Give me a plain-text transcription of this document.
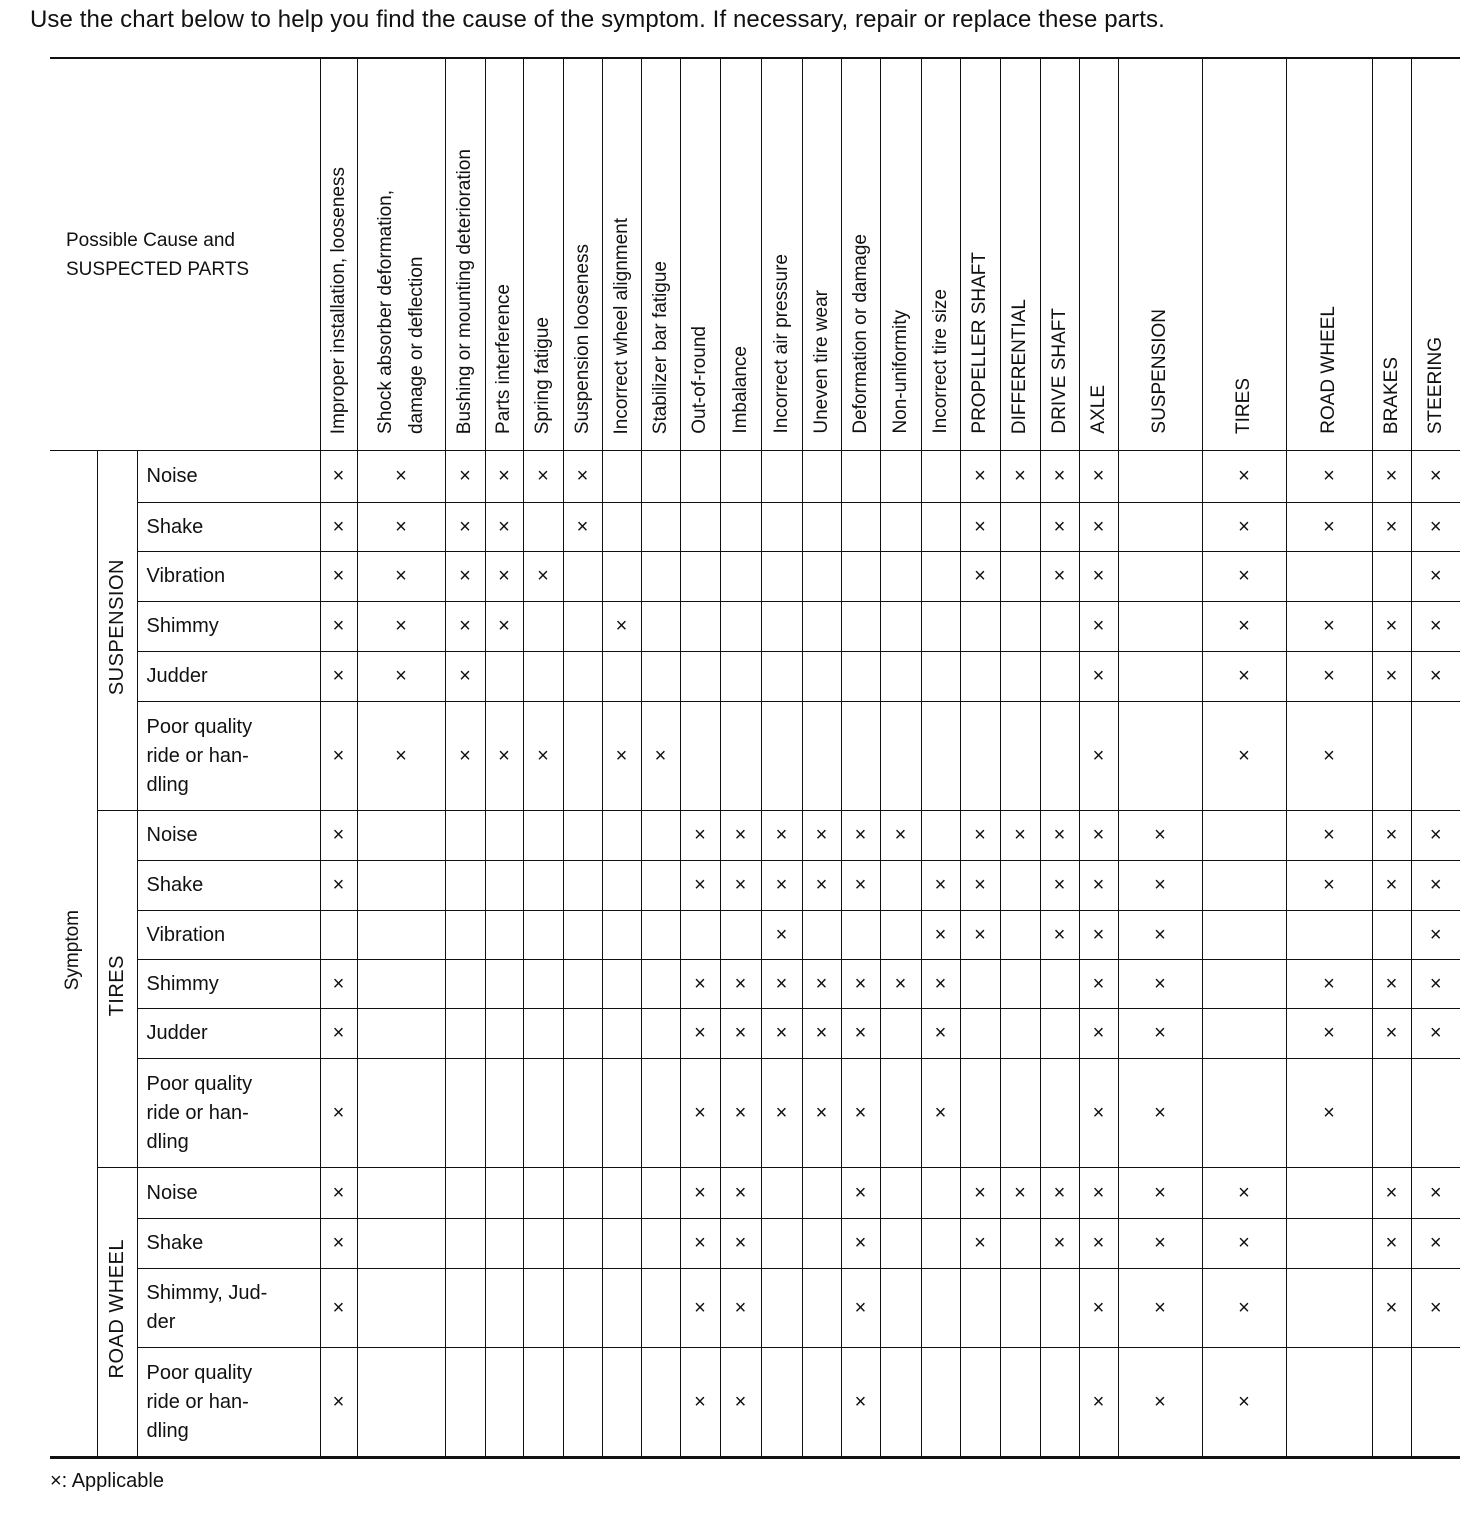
Use the chart below to help you find the cause of the symptom. If necessary, repair or replace these parts.
Possible Cause and
SUSPECTED PARTS			Improper installation, looseness	Shock absorber deformation, damage or deflection	Bushing or mounting deterioration	Parts interference	Spring fatigue	Suspension looseness	Incorrect wheel alignment	Stabilizer bar fatigue	Out-of-round	Imbalance	Incorrect air pressure	Uneven tire wear	Deformation or damage	Non-uniformity	Incorrect tire size	PROPELLER SHAFT	DIFFERENTIAL	DRIVE SHAFT	AXLE	SUSPENSION	TIRES	ROAD WHEEL	BRAKES	STEERING

Symptom	SUSPENSION	Noise	×	×	×	×	×	×										×	×	×	×		×	×	×	×
		Shake	×	×	×	×		×										×		×	×		×	×	×	×
		Vibration	×	×	×	×	×											×		×	×		×			×
		Shimmy	×	×	×	×			×												×		×	×	×	×
		Judder	×	×	×																×		×	×	×	×
		Poor quality
ride or han-
dling	×	×	×	×	×		×	×											×		×	×		
	TIRES	Noise	×								×	×	×	×	×	×		×	×	×	×	×		×	×	×
		Shake	×								×	×	×	×	×		×	×		×	×	×		×	×	×
		Vibration											×				×	×		×	×	×				×
		Shimmy	×								×	×	×	×	×	×	×				×	×		×	×	×
		Judder	×								×	×	×	×	×		×				×	×		×	×	×
		Poor quality
ride or han-
dling	×								×	×	×	×	×		×				×	×		×		
	ROAD WHEEL	Noise	×								×	×			×			×	×	×	×	×	×		×	×
		Shake	×								×	×			×			×		×	×	×	×		×	×
		Shimmy, Jud-
der	×								×	×			×						×	×	×		×	×
		Poor quality
ride or han-
dling	×								×	×			×						×	×	×			
×: Applicable
